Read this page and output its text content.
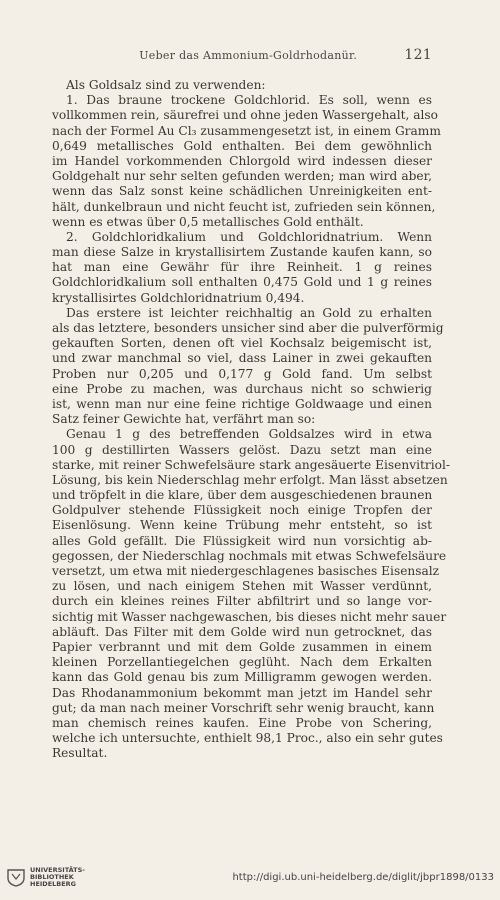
Ueber das Ammonium-Goldrhodanür.	121
Als Goldsalz sind zu verwenden:
1. Das braune trockene Goldchlorid. Es soll, wenn es
vollkommen rein, säurefrei und ohne jeden Wassergehalt, also
nach der Formel Au Cl₃ zusammengesetzt ist, in einem Gramm
0,649 metallisches Gold enthalten. Bei dem gewöhnlich
im Handel vorkommenden Chlorgold wird indessen dieser
Goldgehalt nur sehr selten gefunden werden; man wird aber,
wenn das Salz sonst keine schädlichen Unreinigkeiten ent-
hält, dunkelbraun und nicht feucht ist, zufrieden sein können,
wenn es etwas über 0,5 metallisches Gold enthält.
2. Goldchloridkalium und Goldchloridnatrium. Wenn
man diese Salze in krystallisirtem Zustande kaufen kann, so
hat man eine Gewähr für ihre Reinheit. 1 g reines
Goldchloridkalium soll enthalten 0,475 Gold und 1 g reines
krystallisirtes Goldchloridnatrium 0,494.
Das erstere ist leichter reichhaltig an Gold zu erhalten
als das letztere, besonders unsicher sind aber die pulverförmig
gekauften Sorten, denen oft viel Kochsalz beigemischt ist,
und zwar manchmal so viel, dass Lainer in zwei gekauften
Proben nur 0,205 und 0,177 g Gold fand. Um selbst
eine Probe zu machen, was durchaus nicht so schwierig
ist, wenn man nur eine feine richtige Goldwaage und einen
Satz feiner Gewichte hat, verfährt man so:
Genau 1 g des betreffenden Goldsalzes wird in etwa
100 g destillirten Wassers gelöst. Dazu setzt man eine
starke, mit reiner Schwefelsäure stark angesäuerte Eisenvitriol-
Lösung, bis kein Niederschlag mehr erfolgt. Man lässt absetzen
und tröpfelt in die klare, über dem ausgeschiedenen braunen
Goldpulver stehende Flüssigkeit noch einige Tropfen der
Eisenlösung. Wenn keine Trübung mehr entsteht, so ist
alles Gold gefällt. Die Flüssigkeit wird nun vorsichtig ab-
gegossen, der Niederschlag nochmals mit etwas Schwefelsäure
versetzt, um etwa mit niedergeschlagenes basisches Eisensalz
zu lösen, und nach einigem Stehen mit Wasser verdünnt,
durch ein kleines reines Filter abfiltrirt und so lange vor-
sichtig mit Wasser nachgewaschen, bis dieses nicht mehr sauer
abläuft. Das Filter mit dem Golde wird nun getrocknet, das
Papier verbrannt und mit dem Golde zusammen in einem
kleinen Porzellantiegelchen geglüht. Nach dem Erkalten
kann das Gold genau bis zum Milligramm gewogen werden.
Das Rhodanammonium bekommt man jetzt im Handel sehr
gut; da man nach meiner Vorschrift sehr wenig braucht, kann
man chemisch reines kaufen. Eine Probe von Schering,
welche ich untersuchte, enthielt 98,1 Proc., also ein sehr gutes
Resultat.
UNIVERSITÄTS-
BIBLIOTHEK
HEIDELBERG
http://digi.ub.uni-heidelberg.de/diglit/jbpr1898/0133
